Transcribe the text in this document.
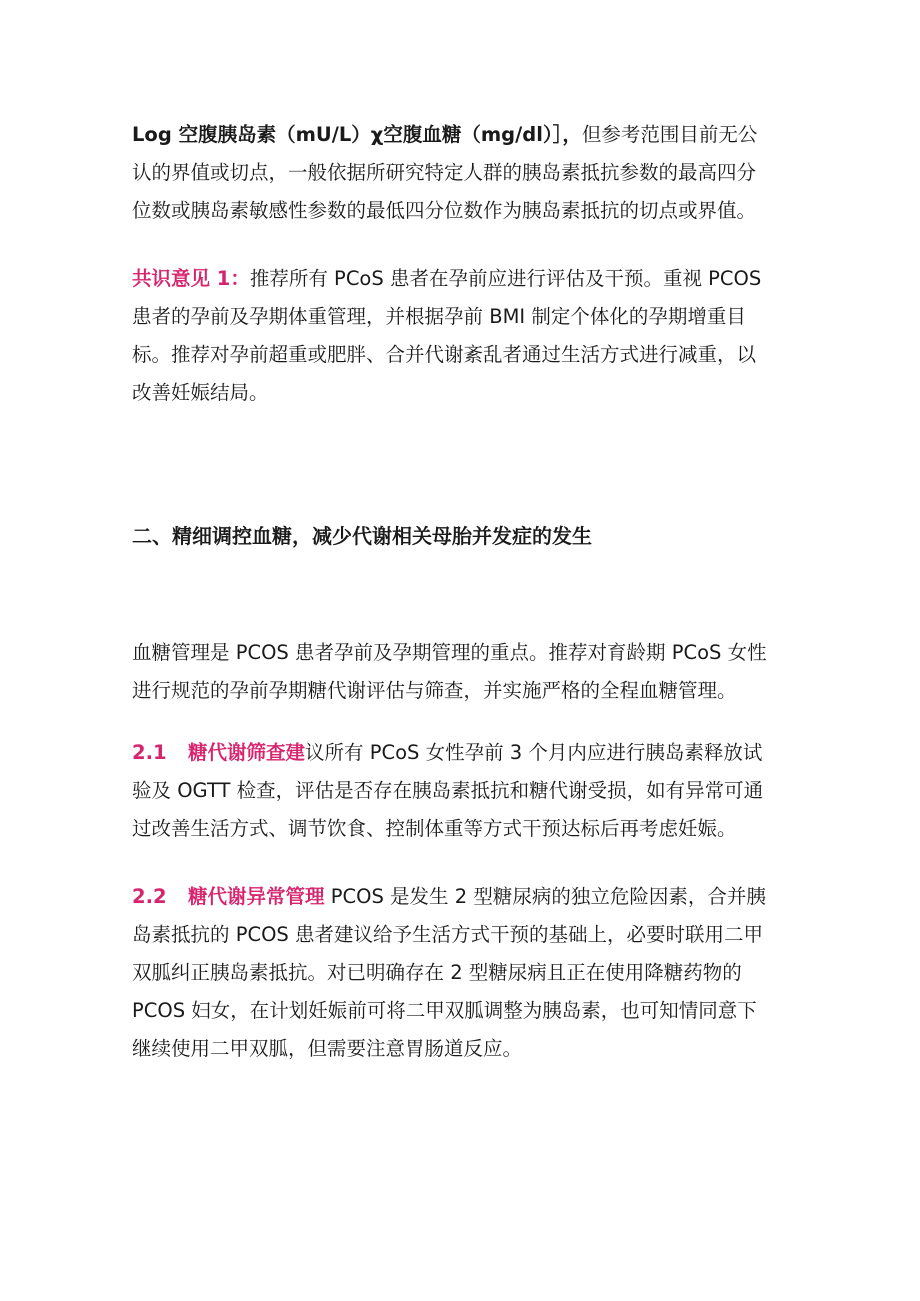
Log 空腹胰岛素（mU/L）χ空腹血糖（mg/dl）］，但参考范围目前无公
认的界值或切点，一般依据所研究特定人群的胰岛素抵抗参数的最高四分
位数或胰岛素敏感性参数的最低四分位数作为胰岛素抵抗的切点或界值。

共识意见 1：推荐所有 PCoS 患者在孕前应进行评估及干预。重视 PCOS
患者的孕前及孕期体重管理，并根据孕前 BMI 制定个体化的孕期增重目
标。推荐对孕前超重或肥胖、合并代谢紊乱者通过生活方式进行减重，以
改善妊娠结局。

二、精细调控血糖，减少代谢相关母胎并发症的发生

血糖管理是 PCOS 患者孕前及孕期管理的重点。推荐对育龄期 PCoS 女性
进行规范的孕前孕期糖代谢评估与筛查，并实施严格的全程血糖管理。

2.1 糖代谢筛查建议所有 PCoS 女性孕前 3 个月内应进行胰岛素释放试
验及 OGTT 检查，评估是否存在胰岛素抵抗和糖代谢受损，如有异常可通
过改善生活方式、调节饮食、控制体重等方式干预达标后再考虑妊娠。

2.2 糖代谢异常管理 PCOS 是发生 2 型糖尿病的独立危险因素，合并胰
岛素抵抗的 PCOS 患者建议给予生活方式干预的基础上，必要时联用二甲
双胍纠正胰岛素抵抗。对已明确存在 2 型糖尿病且正在使用降糖药物的
PCOS 妇女，在计划妊娠前可将二甲双胍调整为胰岛素，也可知情同意下
继续使用二甲双胍，但需要注意胃肠道反应。
